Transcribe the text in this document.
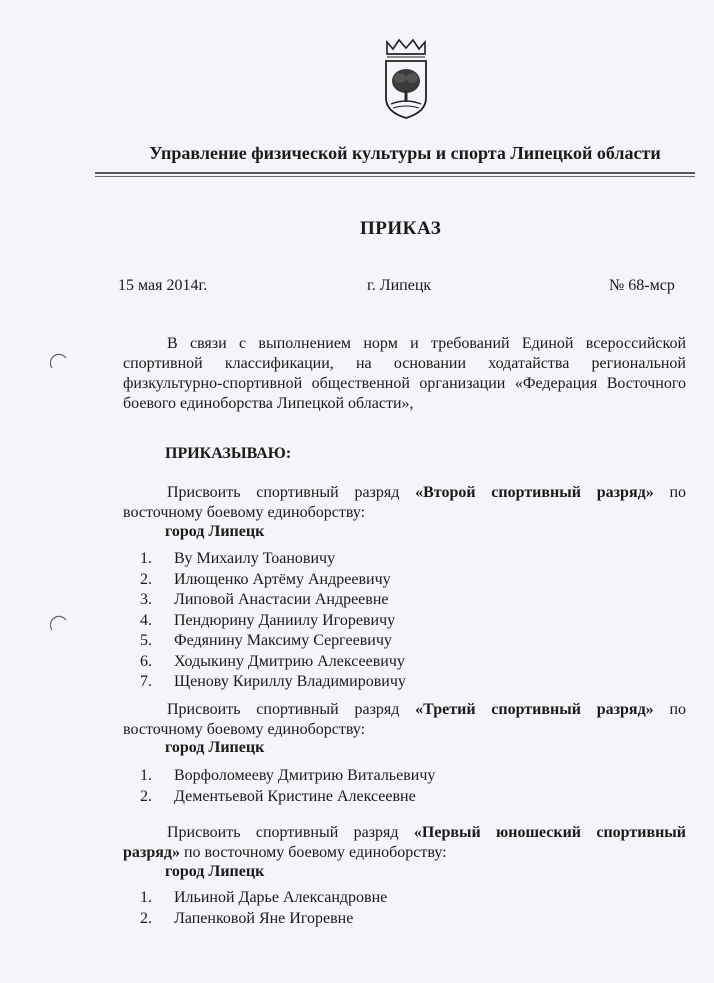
Управление физической культуры и спорта Липецкой области
ПРИКАЗ
15 мая 2014г.	г. Липецк	№ 68-мср
В связи с выполнением норм и требований Единой всероссийской спортивной классификации, на основании ходатайства региональной физкультурно-спортивной общественной организации «Федерация Восточного боевого единоборства Липецкой области»,
ПРИКАЗЫВАЮ:
Присвоить спортивный разряд «Второй спортивный разряд» по восточному боевому единоборству:
город Липецк
1. Ву Михаилу Тоановичу
2. Илющенко Артёму Андреевичу
3. Липовой Анастасии Андреевне
4. Пендюрину Даниилу Игоревичу
5. Федянину Максиму Сергеевичу
6. Ходыкину Дмитрию Алексеевичу
7. Щенову Кириллу Владимировичу
Присвоить спортивный разряд «Третий спортивный разряд» по восточному боевому единоборству:
город Липецк
1. Ворфоломееву Дмитрию Витальевичу
2. Дементьевой Кристине Алексеевне
Присвоить спортивный разряд «Первый юношеский спортивный разряд» по восточному боевому единоборству:
город Липецк
1. Ильиной Дарье Александровне
2. Лапенковой Яне Игоревне
